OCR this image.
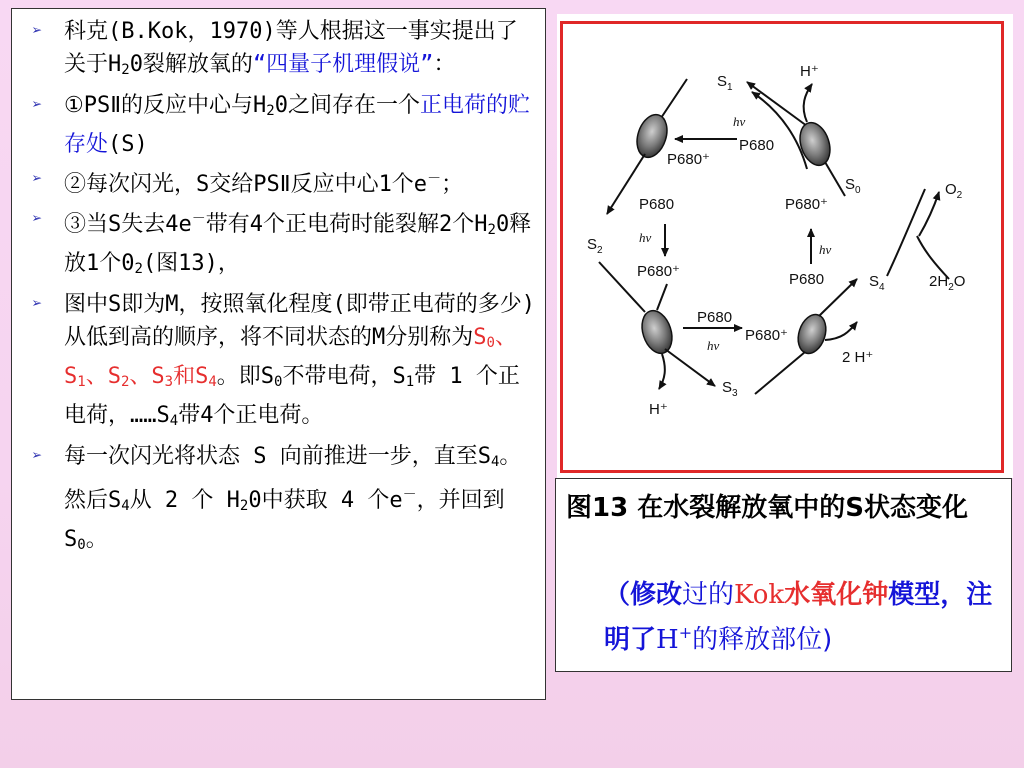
➢ 科克(B.Kok，1970)等人根据这一事实提出了关于$H_20$裂解放氧的“四量子机理假说”：
➢ ①PSⅡ的反应中心与$H_20$之间存在一个正电荷的贮存处(S)
➢ ②每次闪光，S交给PSⅡ反应中心1个e－；
➢ ③当S失去4e－带有4个正电荷时能裂解2个$H_20$释放1个$0_2$(图13)，
➢ 图中S即为M，按照氧化程度(即带正电荷的多少)从低到高的顺序，将不同状态的M分别称为$S_0$、$S_1$、$S_2$、$S_3$和$S_4$。即$S_0$不带电荷，$S_1$带 1 个正电荷，$\dots\dots S_4$带4个正电荷。
➢ 每一次闪光将状态 S 向前推进一步，直至$S_4$。然后$S_4$从 2 个 $H_20$中获取 4 个e－，并回到$S_0$。
$S_1$
H⁺
hν
P680
P680⁺
$S_0$	$O_2$
P680	P680⁺
$S_2$
hν
hν
P680⁺	P680	$S_4$	$2H_2O$
P680
hν
P680⁺
2 H⁺
$S_3$
H⁺
图13 在水裂解放氧中的S状态变化
（修改过的Kok水氧化钟模型，注明了H+的释放部位)
